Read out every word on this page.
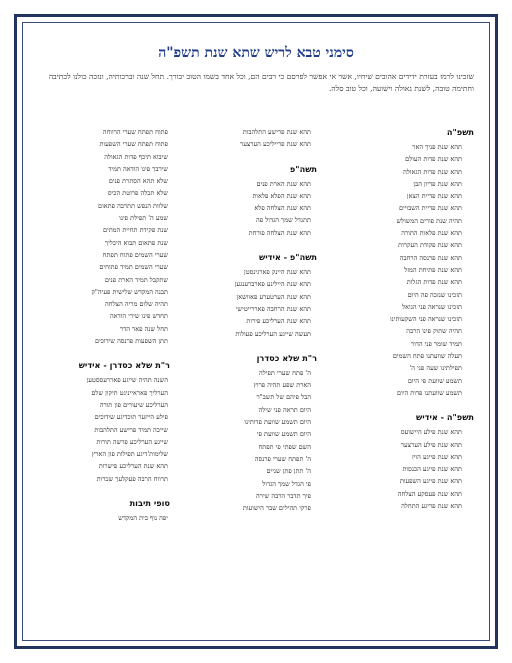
סימני טבא לריש שתא שנת תשפ"ה
שזכינו לרמז בעזרת ידידים אהובים שיחיו, אשר אי אפשר לפרסם כי רבים הם, וכל אחד בשמו הטוב יבורך. תחל שנה וברכותיה, ונזכה כולנו לכתיבה וחתימה טובה, לשנת גאולה וישועה, וכל טוב סלה.
תשפ"ה
תהא שנת פניך האר
תהא שנת פדות העולם
תהא שנת פדות הגאולה
תהא שנת פדיון הבן
תהא שנת פדיית הצאן
תהא שנת פדיית השבויים
תהיה שנת פורים המשולש
תהא שנת פלאות התורה
תהא שנת פקודת העקרות
תהא שנת פרנסה הרחבה
תהא שנת פתיחת המזל
תהא שנת פדות הגלות
תזכינו שנזכה פה היום
תזכינו שנראה פני הגואל
תזכינו שנראה פני השקעותינו
תהיה שתוק פינו הרבה
תמיד שומר פני הדור
תעלה שוועתנו פתח השמים
תפילתינו שעה פני ה'
תשמע שוועת פי היום
תשמע שוועתנו פדות היום
תשפ"ה - אידיש
תהא שנת פילע היישועס
תהא שנת פילע הערצער
תהא שנת פייגע הויז
תהא שנת פייגע הכנסות
תהא שנת פייגע השפעות
תהא שנת פעסקע הצלחה
תהא שנת פריגע התחלה
תהא שנת פרישע התלהבות
תהא שנת פרייליכע הערצער
תשה"פ
תהא שנת הארת פנים
תהא שנת הפלא פלאות
תהא שנת הצלחה פלא
תתגדל שמך הגדול פה
תהא שנת הצלחה פורחת
תשה"פ - אידיש
תהא שנת היינק פארגינסטן
תהא שנת היילינע פארברענגען
תהא שנת הערטערע פאוושאן
תהא שנת הרחבה פאררייטישי
תהא שנת הערליכע פירות
תעשה שייגע הערליכע פעולות
ר"ת שלא כסדרן
ה' פתח שערי תפילה
הארת שפע תהיה פרוץ
הבל פיהם של תשב"ר
היום תראה פני שילה
היום תשמע שוועת פדותינו
היום תשמע שוועת פי
השם שפתי פי תפתח
ה' תפתח שערי פרנסה
ה' תתן פתן שניים
פי הגדל שמך הגדול
פיך תדבר הרבה שירה
פרקי תהילים שבר הישועות
פתוח תפתח שערי הרווחה
פתוח תפתח שערי השפעות
שיבוא תיכף פדות הגאולה
שירבך פינו הודאה תמיד
שלא תהא הסתרת פנים
שלא תכלה פרוטת הכיס
שלוות הנפש תתרבה פתאום
שמע ה' תפילת פינו
שנת פקידת תחיית המתים
שנת פתאום תבוא היכליך
שערי השמים פתוח תפתח
שערי השמים תמיד פתוחים
שתקבל תמיד הארת פנים
תבנה המקדש שלישית פעיה"ק
תהיה שלום מריה הצלחה
תחדש פינו שירי הודאה
תחל שנה פאר הדר
תתן השפעות פרנסה שידוכים
ר"ת שלא כסדרן - אידיש
השנה תהיה שייגע פאררעססטען
הערליך פאראייניגט תיקון שלם
הערליכע שיעורים פון תורה
פילע הייזער תוכדיגע שידוכים
שייכה תמיד פרישע התלהבות
שייגע הערליכע פרשה תורות
שלימות'דיגע תפילות פון הארץ
תהא שנת הערליכע פישרות
תרווח הרבה פעקלעך שכרות
סופי תיבות
יפה נוף בית המקדש
